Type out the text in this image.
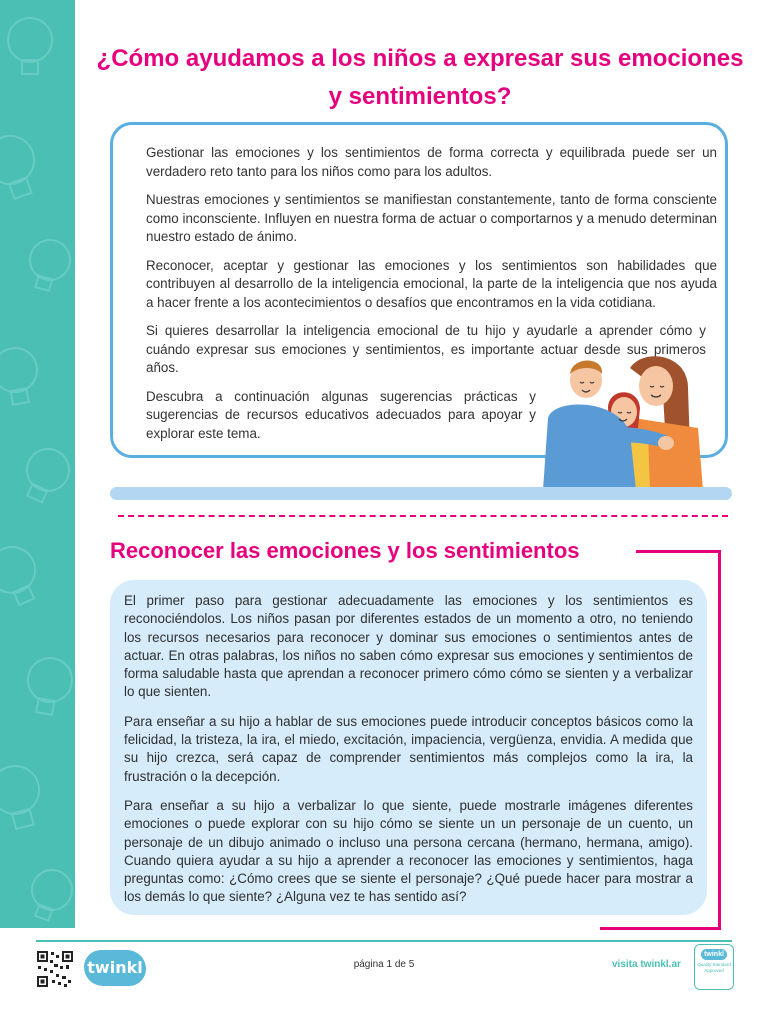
¿Cómo ayudamos a los niños a expresar sus emociones y sentimientos?

Gestionar las emociones y los sentimientos de forma correcta y equilibrada puede ser un verdadero reto tanto para los niños como para los adultos.

Nuestras emociones y sentimientos se manifiestan constantemente, tanto de forma consciente como inconsciente. Influyen en nuestra forma de actuar o comportarnos y a menudo determinan nuestro estado de ánimo.

Reconocer, aceptar y gestionar las emociones y los sentimientos son habilidades que contribuyen al desarrollo de la inteligencia emocional, la parte de la inteligencia que nos ayuda a hacer frente a los acontecimientos o desafíos que encontramos en la vida cotidiana.

Si quieres desarrollar la inteligencia emocional de tu hijo y ayudarle a aprender cómo y cuándo expresar sus emociones y sentimientos, es importante actuar desde sus primeros años.

Descubra a continuación algunas sugerencias prácticas y sugerencias de recursos educativos adecuados para apoyar y explorar este tema.

Reconocer las emociones y los sentimientos

El primer paso para gestionar adecuadamente las emociones y los sentimientos es reconociéndolos. Los niños pasan por diferentes estados de un momento a otro, no teniendo los recursos necesarios para reconocer y dominar sus emociones o sentimientos antes de actuar. En otras palabras, los niños no saben cómo expresar sus emociones y sentimientos de forma saludable hasta que aprendan a reconocer primero cómo cómo se sienten y a verbalizar lo que sienten.

Para enseñar a su hijo a hablar de sus emociones puede introducir conceptos básicos como la felicidad, la tristeza, la ira, el miedo, excitación, impaciencia, vergüenza, envidia. A medida que su hijo crezca, será capaz de comprender sentimientos más complejos como la ira, la frustración o la decepción.

Para enseñar a su hijo a verbalizar lo que siente, puede mostrarle imágenes diferentes emociones o puede explorar con su hijo cómo se siente un un personaje de un cuento, un personaje de un dibujo animado o incluso una persona cercana (hermano, hermana, amigo). Cuando quiera ayudar a su hijo a aprender a reconocer las emociones y sentimientos, haga preguntas como: ¿Cómo crees que se siente el personaje? ¿Qué puede hacer para mostrar a los demás lo que siente? ¿Alguna vez te has sentido así?

twinkl	página 1 de 5	visita twinkl.ar
twinkl
Quality Standard Approved
